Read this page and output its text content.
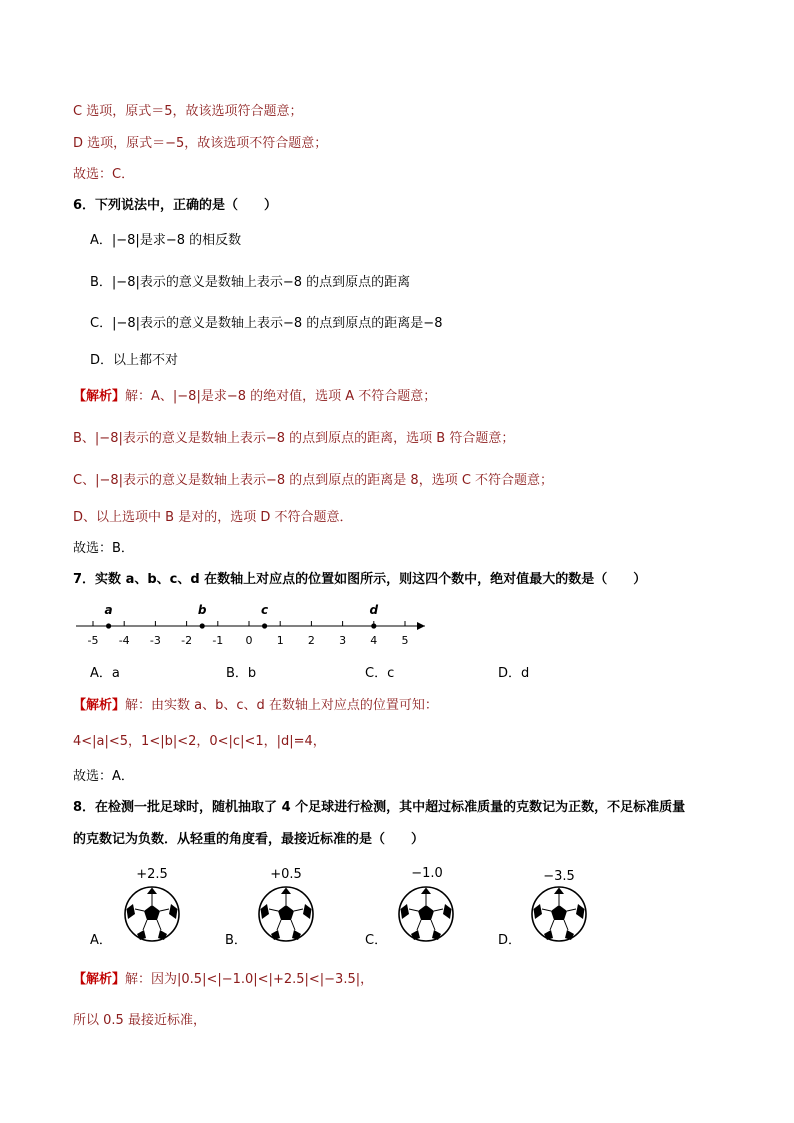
C 选项，原式＝5，故该选项符合题意；
D 选项，原式＝−5，故该选项不符合题意；
故选：C．
6．下列说法中，正确的是（　　）
A．|−8|是求−8 的相反数
B．|−8|表示的意义是数轴上表示−8 的点到原点的距离
C．|−8|表示的意义是数轴上表示−8 的点到原点的距离是−8
D．以上都不对
【解析】解：A、|−8|是求−8 的绝对值，选项 A 不符合题意；
B、|−8|表示的意义是数轴上表示−8 的点到原点的距离，选项 B 符合题意；
C、|−8|表示的意义是数轴上表示−8 的点到原点的距离是 8，选项 C 不符合题意；
D、以上选项中 B 是对的，选项 D 不符合题意．
故选：B．
7．实数 a、b、c、d 在数轴上对应点的位置如图所示，则这四个数中，绝对值最大的数是（　　）
-5 -4 -3 -2 -1 0 1 2 3 4 5
a	b	c	d
A．a	B．b	C．c	D．d
【解析】解：由实数 a、b、c、d 在数轴上对应点的位置可知：
4<|a|<5，1<|b|<2，0<|c|<1，|d|=4，
故选：A．
8．在检测一批足球时，随机抽取了 4 个足球进行检测，其中超过标准质量的克数记为正数，不足标准质量
的克数记为负数．从轻重的角度看，最接近标准的是（　　）
+2.5
A．
+0.5
B．
−1.0
C．
−3.5
D．
【解析】解：因为|0.5|<|−1.0|<|+2.5|<|−3.5|，
所以 0.5 最接近标准，
